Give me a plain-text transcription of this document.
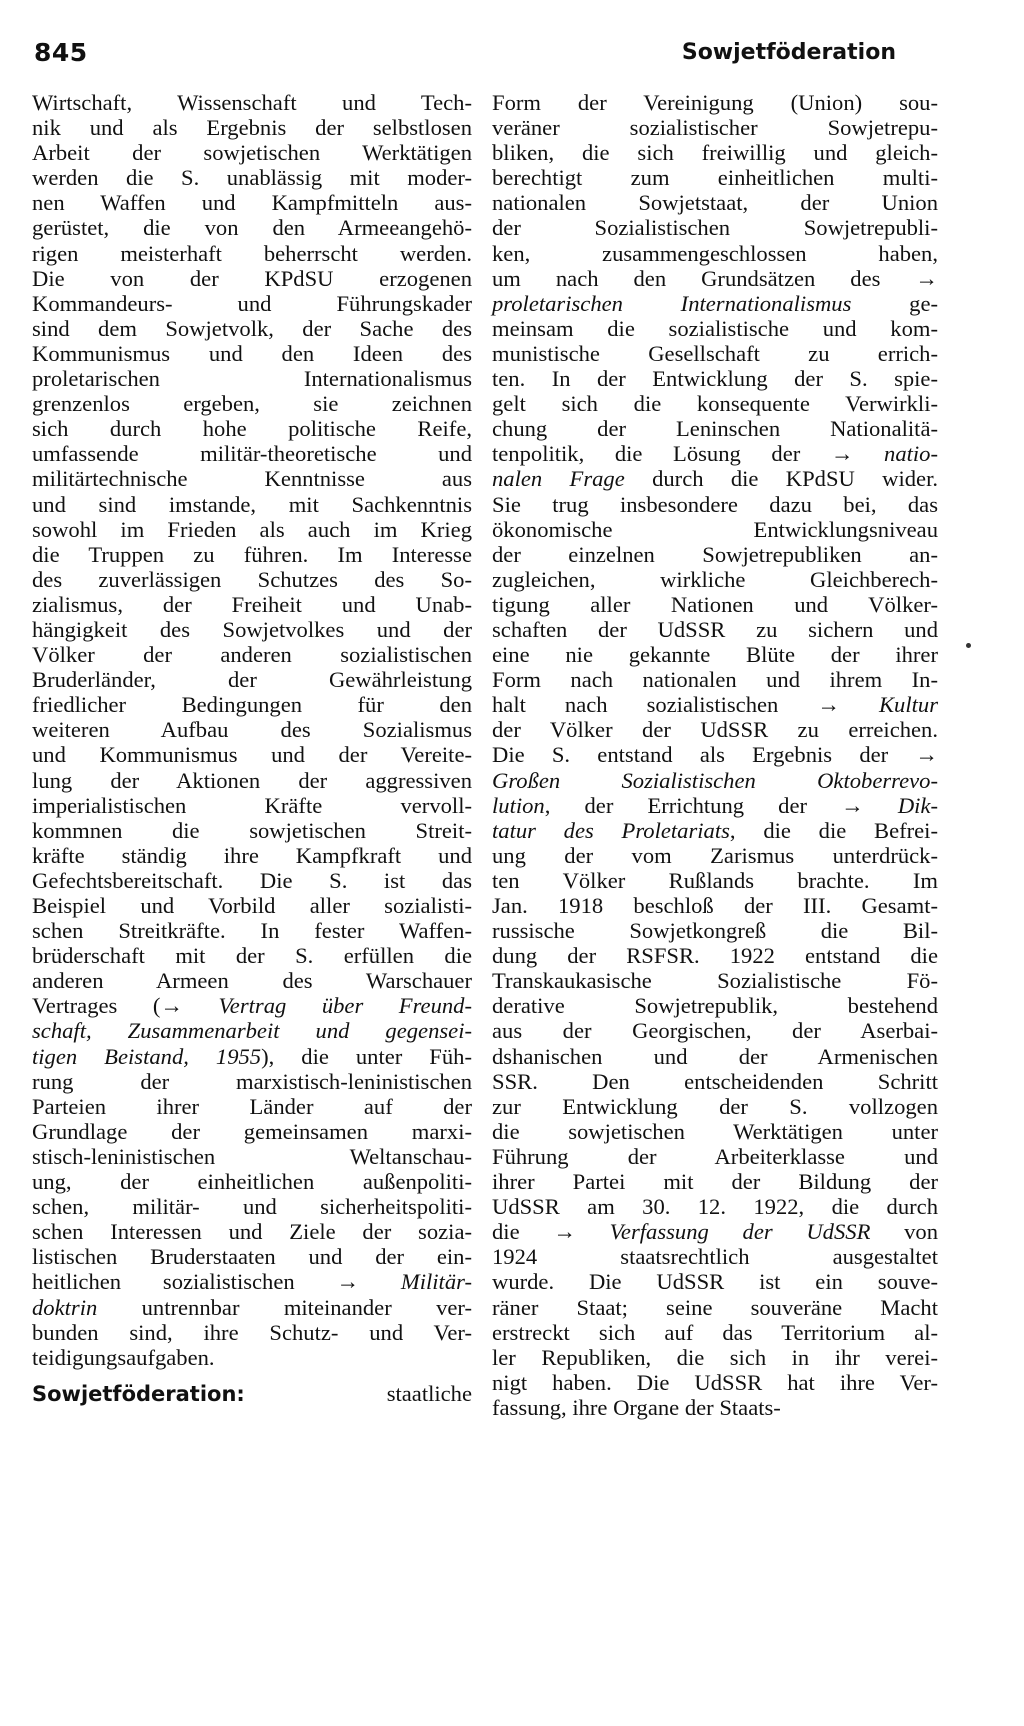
845	Sowjetföderation
Wirtschaft, Wissenschaft und Tech-
nik und als Ergebnis der selbstlosen
Arbeit der sowjetischen Werktätigen
werden die S. unablässig mit moder-
nen Waffen und Kampfmitteln aus-
gerüstet, die von den Armeeangehö-
rigen meisterhaft beherrscht werden.
Die von der KPdSU erzogenen
Kommandeurs- und Führungskader
sind dem Sowjetvolk, der Sache des
Kommunismus und den Ideen des
proletarischen Internationalismus
grenzenlos ergeben, sie zeichnen
sich durch hohe politische Reife,
umfassende militär-theoretische und
militärtechnische Kenntnisse aus
und sind imstande, mit Sachkenntnis
sowohl im Frieden als auch im Krieg
die Truppen zu führen. Im Interesse
des zuverlässigen Schutzes des So-
zialismus, der Freiheit und Unab-
hängigkeit des Sowjetvolkes und der
Völker der anderen sozialistischen
Bruderländer, der Gewährleistung
friedlicher Bedingungen für den
weiteren Aufbau des Sozialismus
und Kommunismus und der Vereite-
lung der Aktionen der aggressiven
imperialistischen Kräfte vervoll-
kommnen die sowjetischen Streit-
kräfte ständig ihre Kampfkraft und
Gefechtsbereitschaft. Die S. ist das
Beispiel und Vorbild aller sozialisti-
schen Streitkräfte. In fester Waffen-
brüderschaft mit der S. erfüllen die
anderen Armeen des Warschauer
Vertrages (→ Vertrag über Freund-
schaft, Zusammenarbeit und gegensei-
tigen Beistand, 1955), die unter Füh-
rung der marxistisch-leninistischen
Parteien ihrer Länder auf der
Grundlage der gemeinsamen marxi-
stisch-leninistischen Weltanschau-
ung, der einheitlichen außenpoliti-
schen, militär- und sicherheitspoliti-
schen Interessen und Ziele der sozia-
listischen Bruderstaaten und der ein-
heitlichen sozialistischen → Militär-
doktrin untrennbar miteinander ver-
bunden sind, ihre Schutz- und Ver-
teidigungsaufgaben.
Sowjetföderation:	staatliche
Form der Vereinigung (Union) sou-
veräner sozialistischer Sowjetrepu-
bliken, die sich freiwillig und gleich-
berechtigt zum einheitlichen multi-
nationalen Sowjetstaat, der Union
der Sozialistischen Sowjetrepubli-
ken, zusammengeschlossen haben,
um nach den Grundsätzen des →
proletarischen Internationalismus ge-
meinsam die sozialistische und kom-
munistische Gesellschaft zu errich-
ten. In der Entwicklung der S. spie-
gelt sich die konsequente Verwirkli-
chung der Leninschen Nationalitä-
tenpolitik, die Lösung der → natio-
nalen Frage durch die KPdSU wider.
Sie trug insbesondere dazu bei, das
ökonomische Entwicklungsniveau
der einzelnen Sowjetrepubliken an-
zugleichen, wirkliche Gleichberech-
tigung aller Nationen und Völker-
schaften der UdSSR zu sichern und
eine nie gekannte Blüte der ihrer
Form nach nationalen und ihrem In-
halt nach sozialistischen → Kultur
der Völker der UdSSR zu erreichen.
Die S. entstand als Ergebnis der →
Großen Sozialistischen Oktoberrevo-
lution, der Errichtung der → Dik-
tatur des Proletariats, die die Befrei-
ung der vom Zarismus unterdrück-
ten Völker Rußlands brachte. Im
Jan. 1918 beschloß der III. Gesamt-
russische Sowjetkongreß die Bil-
dung der RSFSR. 1922 entstand die
Transkaukasische Sozialistische Fö-
derative Sowjetrepublik, bestehend
aus der Georgischen, der Aserbai-
dshanischen und der Armenischen
SSR. Den entscheidenden Schritt
zur Entwicklung der S. vollzogen
die sowjetischen Werktätigen unter
Führung der Arbeiterklasse und
ihrer Partei mit der Bildung der
UdSSR am 30. 12. 1922, die durch
die → Verfassung der UdSSR von
1924 staatsrechtlich ausgestaltet
wurde. Die UdSSR ist ein souve-
räner Staat; seine souveräne Macht
erstreckt sich auf das Territorium al-
ler Republiken, die sich in ihr verei-
nigt haben. Die UdSSR hat ihre Ver-
fassung, ihre Organe der Staats-
